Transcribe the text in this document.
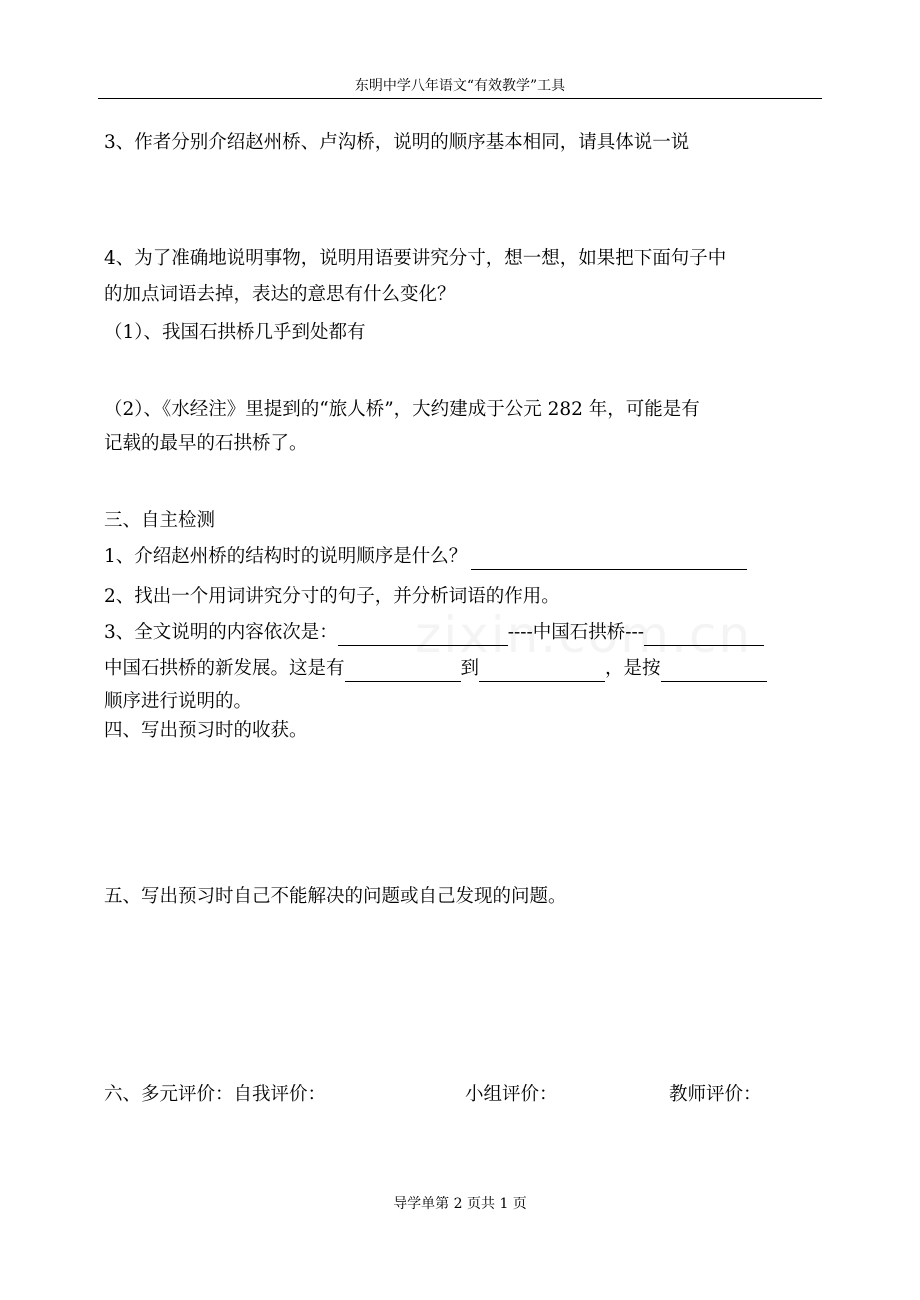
东明中学八年语文“有效教学”工具
3、作者分别介绍赵州桥、卢沟桥，说明的顺序基本相同，请具体说一说
4、为了准确地说明事物，说明用语要讲究分寸，想一想，如果把下面句子中
的加点词语去掉，表达的意思有什么变化？
（1）、我国石拱桥几乎到处都有
（2）、《水经注》里提到的“旅人桥”，大约建成于公元 282 年，可能是有
记载的最早的石拱桥了。
三、自主检测
1、介绍赵州桥的结构时的说明顺序是什么？
2、找出一个用词讲究分寸的句子，并分析词语的作用。
3、全文说明的内容依次是：	----中国石拱桥---
中国石拱桥的新发展。这是有	到	，是按
顺序进行说明的。
四、写出预习时的收获。
五、写出预习时自己不能解决的问题或自己发现的问题。
六、多元评价：自我评价：	小组评价：	教师评价：
导学单第 2 页共 1 页
